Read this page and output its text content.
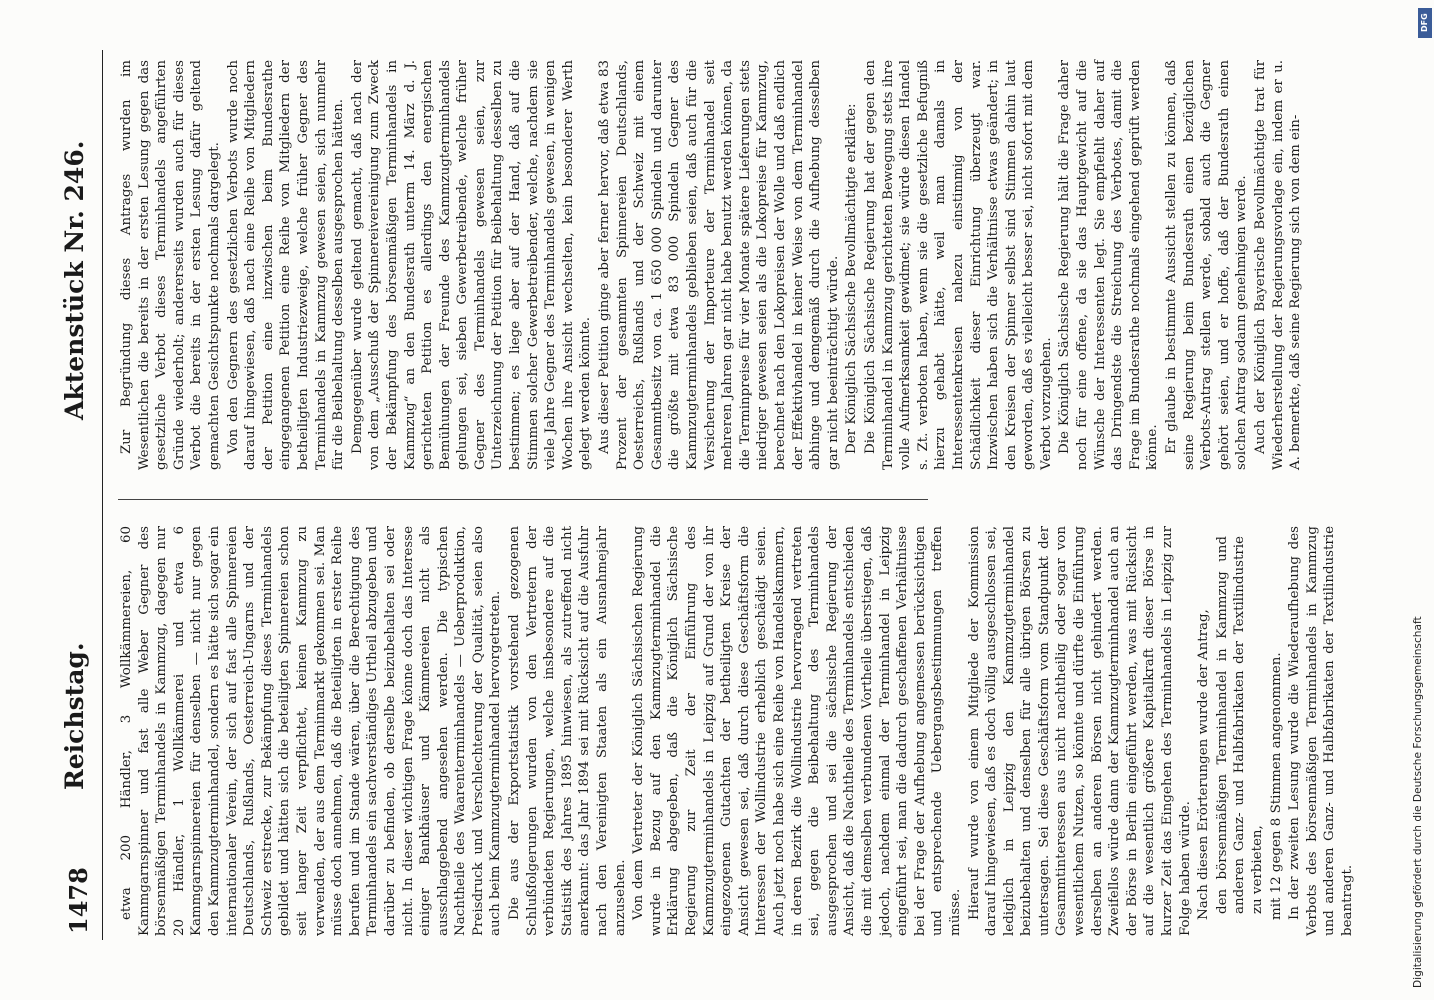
1478
Reichstag.
Aktenstück Nr. 246.

etwa 200 Händler, 3 Wollkämmereien, 60 Kammgarnspinner und fast alle Weber Gegner des börsenmäßigen Terminhandels in Kammzug, dagegen nur 20 Händler, 1 Wollkämmerei und etwa 6 Kammgarnspinnereien für denselben — nicht nur gegen den Kammzugterminhandel, sondern es hätte sich sogar ein internationaler Verein, der sich auf fast alle Spinnereien Deutschlands, Rußlands, Oesterreich-Ungarns und der Schweiz erstrecke, zur Bekämpfung dieses Terminhandels gebildet und hätten sich die beteiligten Spinnereien schon seit langer Zeit verpflichtet, keinen Kammzug zu verwenden, der aus dem Terminmarkt gekommen sei. Man müsse doch annehmen, daß die Beteiligten in erster Reihe berufen und im Stande wären, über die Berechtigung des Terminhandels ein sachverständiges Urtheil abzugeben und darüber zu befinden, ob derselbe beizubehalten sei oder nicht. In dieser wichtigen Frage könne doch das Interesse einiger Bankhäuser und Kämmereien nicht als ausschlaggebend angesehen werden. Die typischen Nachtheile des Waarenterminhandels — Ueberproduktion, Preisdruck und Verschlechterung der Qualität, seien also auch beim Kammzugterminhandel hervorgetreten. Die aus der Exportstatistik vorstehend gezogenen Schlußfolgerungen wurden von den Vertretern der verbündeten Regierungen, welche insbesondere auf die Statistik des Jahres 1895 hinwiesen, als zutreffend nicht anerkannt: das Jahr 1894 sei mit Rücksicht auf die Ausfuhr nach den Vereinigten Staaten als ein Ausnahmejahr anzusehen. Von dem Vertreter der Königlich Sächsischen Regierung wurde in Bezug auf den Kammzugterminhandel die Erklärung abgegeben, daß die Königlich Sächsische Regierung zur Zeit der Einführung des Kammzugterminhandels in Leipzig auf Grund der von ihr eingezogenen Gutachten der betheiligten Kreise der Ansicht gewesen sei, daß durch diese Geschäftsform die Interessen der Wollindustrie erheblich geschädigt seien. Auch jetzt noch habe sich eine Reihe von Handelskammern, in deren Bezirk die Wollindustrie hervorragend vertreten sei, gegen die Beibehaltung des Terminhandels ausgesprochen und sei die sächsische Regierung der Ansicht, daß die Nachtheile des Terminhandels entschieden die mit demselben verbundenen Vortheile überstiegen, daß jedoch, nachdem einmal der Terminhandel in Leipzig eingeführt sei, man die dadurch geschaffenen Verhältnisse bei der Frage der Aufhebung angemessen berücksichtigen und entsprechende Uebergangsbestimmungen treffen müsse. Hierauf wurde von einem Mitgliede der Kommission darauf hingewiesen, daß es doch völlig ausgeschlossen sei, lediglich in Leipzig den Kammzugterminhandel beizubehalten und denselben für alle übrigen Börsen zu untersagen. Sei diese Geschäftsform vom Standpunkt der Gesammtinteressen aus nicht nachtheilig oder sogar von wesentlichem Nutzen, so könnte und dürfte die Einführung derselben an anderen Börsen nicht gehindert werden. Zweifellos würde dann der Kammzugterminhandel auch an der Börse in Berlin eingeführt werden, was mit Rücksicht auf die wesentlich größere Kapitalkraft dieser Börse in kurzer Zeit das Eingehen des Terminhandels in Leipzig zur Folge haben würde. Nach diesen Erörterungen wurde der Antrag, den börsenmäßigen Terminhandel in Kammzug und anderen Ganz- und Halbfabrikaten der Textilindustrie zu verbieten, mit 12 gegen 8 Stimmen angenommen. In der zweiten Lesung wurde die Wiederaufhebung des Verbots des börsenmäßigen Terminhandels in Kammzug und anderen Ganz- und Halbfabrikaten der Textilindustrie beantragt.

Zur Begründung dieses Antrages wurden im Wesentlichen die bereits in der ersten Lesung gegen das gesetzliche Verbot dieses Terminhandels angeführten Gründe wiederholt; andererseits wurden auch für dieses Verbot die bereits in der ersten Lesung dafür geltend gemachten Gesichtspunkte nochmals dargelegt. Von den Gegnern des gesetzlichen Verbots wurde noch darauf hingewiesen, daß nach eine Reihe von Mitgliedern der Petition eine inzwischen beim Bundesrathe eingegangenen Petition eine Reihe von Mitgliedern der betheiligten Industriezweige, welche früher Gegner des Terminhandels in Kammzug gewesen seien, sich nunmehr für die Beibehaltung desselben ausgesprochen hätten. Demgegenüber wurde geltend gemacht, daß nach der von dem „Ausschuß der Spinnereivereinigung zum Zweck der Bekämpfung des börsenmäßigen Terminhandels in Kammzug“ an den Bundesrath unterm 14. März d. J. gerichteten Petition es allerdings den energischen Bemühungen der Freunde des Kammzugterminhandels gelungen sei, sieben Gewerbetreibende, welche früher Gegner des Terminhandels gewesen seien, zur Unterzeichnung der Petition für Beibehaltung desselben zu bestimmen; es liege aber auf der Hand, daß auf die Stimmen solcher Gewerbetreibender, welche, nachdem sie viele Jahre Gegner des Terminhandels gewesen, in wenigen Wochen ihre Ansicht wechselten, kein besonderer Werth gelegt werden könnte. Aus dieser Petition ginge aber ferner hervor, daß etwa 83 Prozent der gesammten Spinnereien Deutschlands, Oesterreichs, Rußlands und der Schweiz mit einem Gesammtbesitz von ca. 1 650 000 Spindeln und darunter die größte mit etwa 83 000 Spindeln Gegner des Kammzugterminhandels geblieben seien, daß auch für die Versicherung der Importeure der Terminhandel seit mehreren Jahren gar nicht habe benutzt werden können, da die Terminpreise für vier Monate spätere Lieferungen stets niedriger gewesen seien als die Lokopreise für Kammzug, berechnet nach den Lokopreisen der Wolle und daß endlich der Effektivhandel in keiner Weise von dem Terminhandel abhinge und demgemäß durch die Aufhebung desselben gar nicht beeinträchtigt würde. Der Königlich Sächsische Bevollmächtigte erklärte: Die Königlich Sächsische Regierung hat der gegen den Terminhandel in Kammzug gerichteten Bewegung stets ihre volle Aufmerksamkeit gewidmet; sie würde diesen Handel s. Zt. verboten haben, wenn sie die gesetzliche Befugniß hierzu gehabt hätte, weil man damals in Interessentenkreisen nahezu einstimmig von der Schädlichkeit dieser Einrichtung überzeugt war. Inzwischen haben sich die Verhältnisse etwas geändert; in den Kreisen der Spinner selbst sind Stimmen dahin laut geworden, daß es vielleicht besser sei, nicht sofort mit dem Verbot vorzugehen. Die Königlich Sächsische Regierung hält die Frage daher noch für eine offene, da sie das Hauptgewicht auf die Wünsche der Interessenten legt. Sie empfiehlt daher auf das Dringendste die Streichung des Verbotes, damit die Frage im Bundesrathe nochmals eingehend geprüft werden könne. Er glaube in bestimmte Aussicht stellen zu können, daß seine Regierung beim Bundesrath einen bezüglichen Verbots-Antrag stellen werde, sobald auch die Gegner gehört seien, und er hoffe, daß der Bundesrath einen solchen Antrag sodann genehmigen werde. Auch der Königlich Bayerische Bevollmächtigte trat für Wiederherstellung der Regierungsvorlage ein, indem er u. A. bemerkte, daß seine Regierung sich von dem ein-

Digitalisierung gefördert durch die Deutsche Forschungsgemeinschaft
DFG
